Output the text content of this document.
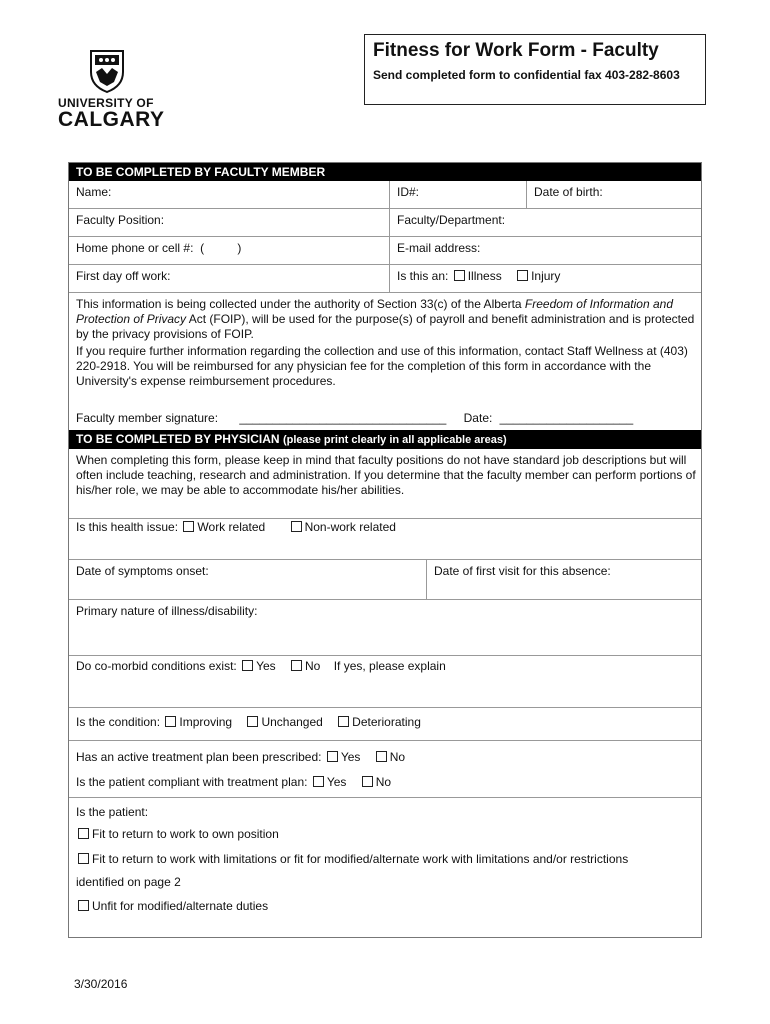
UNIVERSITY OF
CALGARY
Fitness for Work Form - Faculty
Send completed form to confidential fax 403-282-8603
TO BE COMPLETED BY FACULTY MEMBER
Name:	ID#:	Date of birth:
Faculty Position:	Faculty/Department:
Home phone or cell #:  (          )	E-mail address:
First day off work:	Is this an: Illness Injury
This information is being collected under the authority of Section 33(c) of the Alberta Freedom of Information and Protection of Privacy Act (FOIP), will be used for the purpose(s) of payroll and benefit administration and is protected by the privacy provisions of FOIP.
If you require further information regarding the collection and use of this information, contact Staff Wellness at (403) 220-2918. You will be reimbursed for any physician fee for the completion of this form in accordance with the University's expense reimbursement procedures.
Faculty member signature: _______________________________ Date: ____________________
TO BE COMPLETED BY PHYSICIAN (please print clearly in all applicable areas)
When completing this form, please keep in mind that faculty positions do not have standard job descriptions but will often include teaching, research and administration. If you determine that the faculty member can perform portions of his/her role, we may be able to accommodate his/her abilities.
Is this health issue: Work related	Non-work related
Date of symptoms onset:	Date of first visit for this absence:
Primary nature of illness/disability:
Do co-morbid conditions exist: Yes No If yes, please explain
Is the condition: Improving Unchanged Deteriorating
Has an active treatment plan been prescribed: Yes No
Is the patient compliant with treatment plan: Yes No
Is the patient:
Fit to return to work to own position
Fit to return to work with limitations or fit for modified/alternate work with limitations and/or restrictions
identified on page 2
Unfit for modified/alternate duties
3/30/2016
